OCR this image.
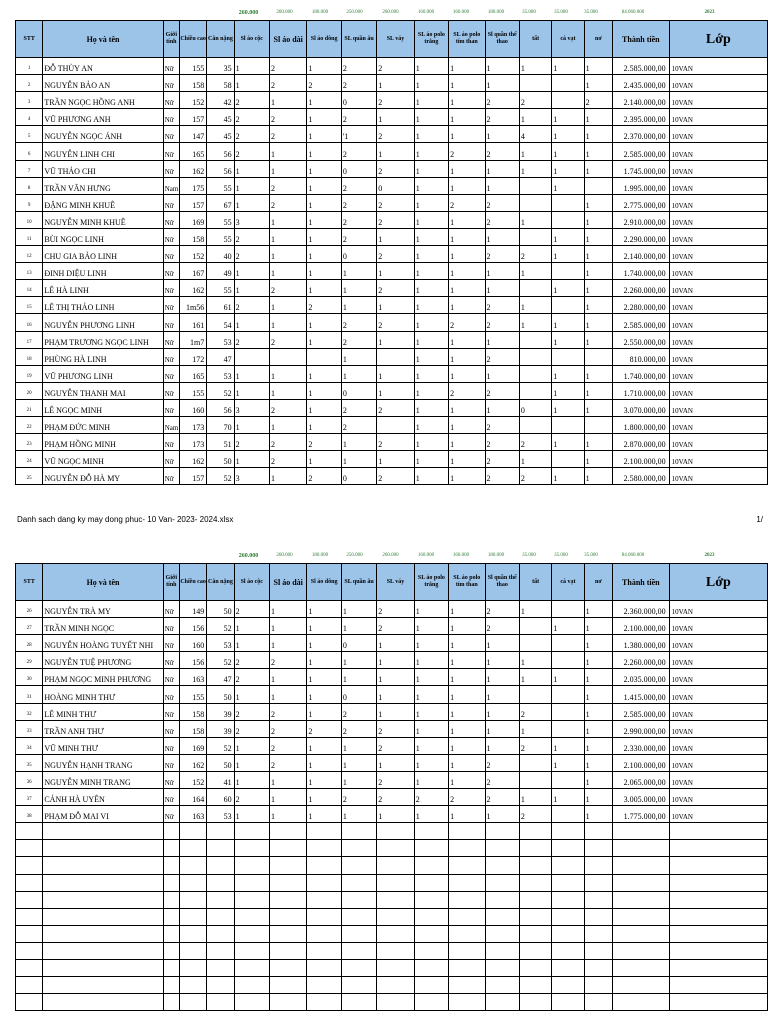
260.000	260.000	180.000	250.000	260.000	160.000	160.000	180.000	35.000	35.000	35.000	84.060.000	2023
STT	Họ và tên	Giới tính	Chiều cao	Cân nặng	Sl áo cộc	Sl áo dài	Sl áo dông	SL quần âu	SL váy	SL áo polo trắng	SL áo polo tím than	Sl quần thể thao	tất	cà vạt	nơ	Thành tiền	Lớp
1	ĐỖ THÙY AN	Nữ	155	35	1	2	1	2	2	1	1	1	1	1	1	2.585.000,00	10VAN
2	NGUYỄN BẢO AN	Nữ	158	58	1	2	2	2	1	1	1	1			1	2.435.000,00	10VAN
3	TRẦN NGỌC HỒNG ANH	Nữ	152	42	2	1	1	0	2	1	1	2	2		2	2.140.000,00	10VAN
4	VŨ PHƯƠNG ANH	Nữ	157	45	2	2	1	2	1	1	1	2	1	1	1	2.395.000,00	10VAN
5	NGUYỄN NGỌC ÁNH	Nữ	147	45	2	2	1	'1	2	1	1	1	4	1	1	2.370.000,00	10VAN
6	NGUYỄN LINH CHI	Nữ	165	56	2	1	1	2	1	1	2	2	1	1	1	2.585.000,00	10VAN
7	VŨ THẢO CHI	Nữ	162	56	1	1	1	0	2	1	1	1	1	1	1	1.745.000,00	10VAN
8	TRẦN VĂN HƯNG	Nam	175	55	1	2	1	2	0	1	1	1		1		1.995.000,00	10VAN
9	ĐẶNG MINH KHUÊ	Nữ	157	67	1	2	1	2	2	1	2	2			1	2.775.000,00	10VAN
10	NGUYỄN MINH KHUÊ	Nữ	169	55	3	1	1	2	2	1	1	2	1		1	2.910.000,00	10VAN
11	BÙI NGỌC LINH	Nữ	158	55	2	1	1	2	1	1	1	1		1	1	2.290.000,00	10VAN
12	CHU GIA BẢO LINH	Nữ	152	40	2	1	1	0	2	1	1	2	2	1	1	2.140.000,00	10VAN
13	ĐINH DIỆU LINH	Nữ	167	49	1	1	1	1	1	1	1	1	1		1	1.740.000,00	10VAN
14	LÊ HÀ LINH	Nữ	162	55	1	2	1	1	2	1	1	1		1	1	2.260.000,00	10VAN
15	LÊ THỊ THẢO LINH	Nữ	1m56	61	2	1	2	1	1	1	1	2	1		1	2.280.000,00	10VAN
16	NGUYỄN PHƯƠNG LINH	Nữ	161	54	1	1	1	2	2	1	2	2	1	1	1	2.585.000,00	10VAN
17	PHẠM TRƯƠNG NGỌC LINH	Nữ	1m7	53	2	2	1	2	1	1	1	1		1	1	2.550.000,00	10VAN
18	PHÙNG HÀ LINH	Nữ	172	47				1		1	1	2				810.000,00	10VAN
19	VŨ PHƯƠNG LINH	Nữ	165	53	1	1	1	1	1	1	1	1		1	1	1.740.000,00	10VAN
20	NGUYỄN THANH MAI	Nữ	155	52	1	1	1	0	1	1	2	2		1	1	1.710.000,00	10VAN
21	LÊ NGỌC MINH	Nữ	160	56	3	2	1	2	2	1	1	1	0	1	1	3.070.000,00	10VAN
22	PHẠM ĐỨC MINH	Nam	173	70	1	1	1	2		1	1	2				1.800.000,00	10VAN
23	PHẠM HỒNG MINH	Nữ	173	51	2	2	2	1	2	1	1	2	2	1	1	2.870.000,00	10VAN
24	VŨ NGỌC MINH	Nữ	162	50	1	2	1	1	1	1	1	2	1		1	2.100.000,00	10VAN
25	NGUYỄN ĐỖ HÀ MY	Nữ	157	52	3	1	2	0	2	1	1	2	2	1	1	2.580.000,00	10VAN
Danh sach dang ky may dong phuc- 10 Van- 2023- 2024.xlsx	1/
260.000	260.000	180.000	250.000	260.000	160.000	160.000	180.000	35.000	35.000	35.000	84.060.000	2023
STT	Họ và tên	Giới tính	Chiều cao	Cân nặng	Sl áo cộc	Sl áo dài	Sl áo dông	SL quần âu	SL váy	SL áo polo trắng	SL áo polo tím than	Sl quần thể thao	tất	cà vạt	nơ	Thành tiền	Lớp
26	NGUYỄN TRÀ MY	Nữ	149	50	2	1	1	1	2	1	1	2	1		1	2.360.000,00	10VAN
27	TRẦN MINH NGỌC	Nữ	156	52	1	1	1	1	2	1	1	2		1	1	2.100.000,00	10VAN
28	NGUYỄN HOÀNG TUYẾT NHI	Nữ	160	53	1	1	1	0	1	1	1	1			1	1.380.000,00	10VAN
29	NGUYỄN TUỆ PHƯƠNG	Nữ	156	52	2	2	1	1	1	1	1	1	1		1	2.260.000,00	10VAN
30	PHẠM NGỌC MINH PHƯƠNG	Nữ	163	47	2	1	1	1	1	1	1	1	1	1	1	2.035.000,00	10VAN
31	HOÀNG MINH THƯ	Nữ	155	50	1	1	1	0	1	1	1	1			1	1.415.000,00	10VAN
32	LÊ MINH THƯ	Nữ	158	39	2	2	1	2	1	1	1	1	2		1	2.585.000,00	10VAN
33	TRẦN ANH THƯ	Nữ	158	39	2	2	2	2	2	1	1	1	1		1	2.990.000,00	10VAN
34	VŨ MINH THƯ	Nữ	169	52	1	2	1	1	2	1	1	1	2	1	1	2.330.000,00	10VAN
35	NGUYỄN HẠNH TRANG	Nữ	162	50	1	2	1	1	1	1	1	2		1	1	2.100.000,00	10VAN
36	NGUYỄN MINH TRANG	Nữ	152	41	1	1	1	1	2	1	1	2			1	2.065.000,00	10VAN
37	CẢNH HÀ UYÊN	Nữ	164	60	2	1	1	2	2	2	2	2	1	1	1	3.005.000,00	10VAN
38	PHẠM ĐỖ MAI VI	Nữ	163	53	1	1	1	1	1	1	1	1	2		1	1.775.000,00	10VAN
